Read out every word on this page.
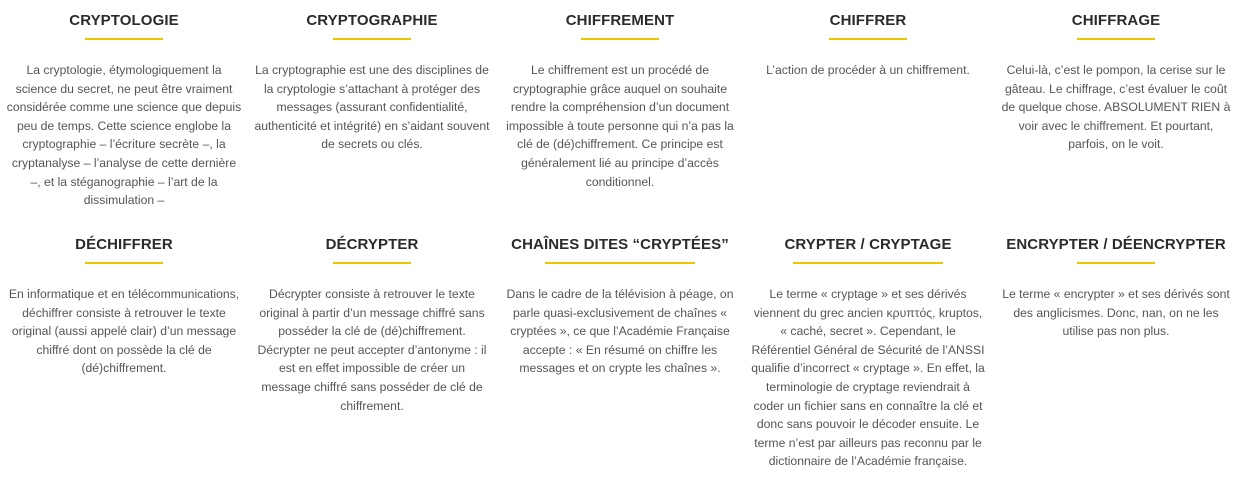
CRYPTOLOGIE

La cryptologie, étymologiquement la science du secret, ne peut être vraiment considérée comme une science que depuis peu de temps. Cette science englobe la cryptographie – l’écriture secrète –, la cryptanalyse – l’analyse de cette dernière –, et la stéganographie – l’art de la dissimulation –

CRYPTOGRAPHIE

La cryptographie est une des disciplines de la cryptologie s’attachant à protéger des messages (assurant confidentialité, authenticité et intégrité) en s’aidant souvent de secrets ou clés.

CHIFFREMENT

Le chiffrement est un procédé de cryptographie grâce auquel on souhaite rendre la compréhension d’un document impossible à toute personne qui n’a pas la clé de (dé)chiffrement. Ce principe est généralement lié au principe d’accès conditionnel.

CHIFFRER

L’action de procéder à un chiffrement.

CHIFFRAGE

Celui-là, c’est le pompon, la cerise sur le gâteau. Le chiffrage, c’est évaluer le coût de quelque chose. ABSOLUMENT RIEN à voir avec le chiffrement. Et pourtant, parfois, on le voit.

DÉCHIFFRER

En informatique et en télécommunications, déchiffrer consiste à retrouver le texte original (aussi appelé clair) d’un message chiffré dont on possède la clé de (dé)chiffrement.

DÉCRYPTER

Décrypter consiste à retrouver le texte original à partir d’un message chiffré sans posséder la clé de (dé)chiffrement. Décrypter ne peut accepter d’antonyme : il est en effet impossible de créer un message chiffré sans posséder de clé de chiffrement.

CHAÎNES DITES “CRYPTÉES”

Dans le cadre de la télévision à péage, on parle quasi-exclusivement de chaînes « cryptées », ce que l’Académie Française accepte : « En résumé on chiffre les messages et on crypte les chaînes ».

CRYPTER / CRYPTAGE

Le terme « cryptage » et ses dérivés viennent du grec ancien κρυπτός, kruptos, « caché, secret ». Cependant, le Référentiel Général de Sécurité de l’ANSSI qualifie d’incorrect « cryptage ». En effet, la terminologie de cryptage reviendrait à coder un fichier sans en connaître la clé et donc sans pouvoir le décoder ensuite. Le terme n’est par ailleurs pas reconnu par le dictionnaire de l’Académie française.

ENCRYPTER / DÉENCRYPTER

Le terme « encrypter » et ses dérivés sont des anglicismes. Donc, nan, on ne les utilise pas non plus.
